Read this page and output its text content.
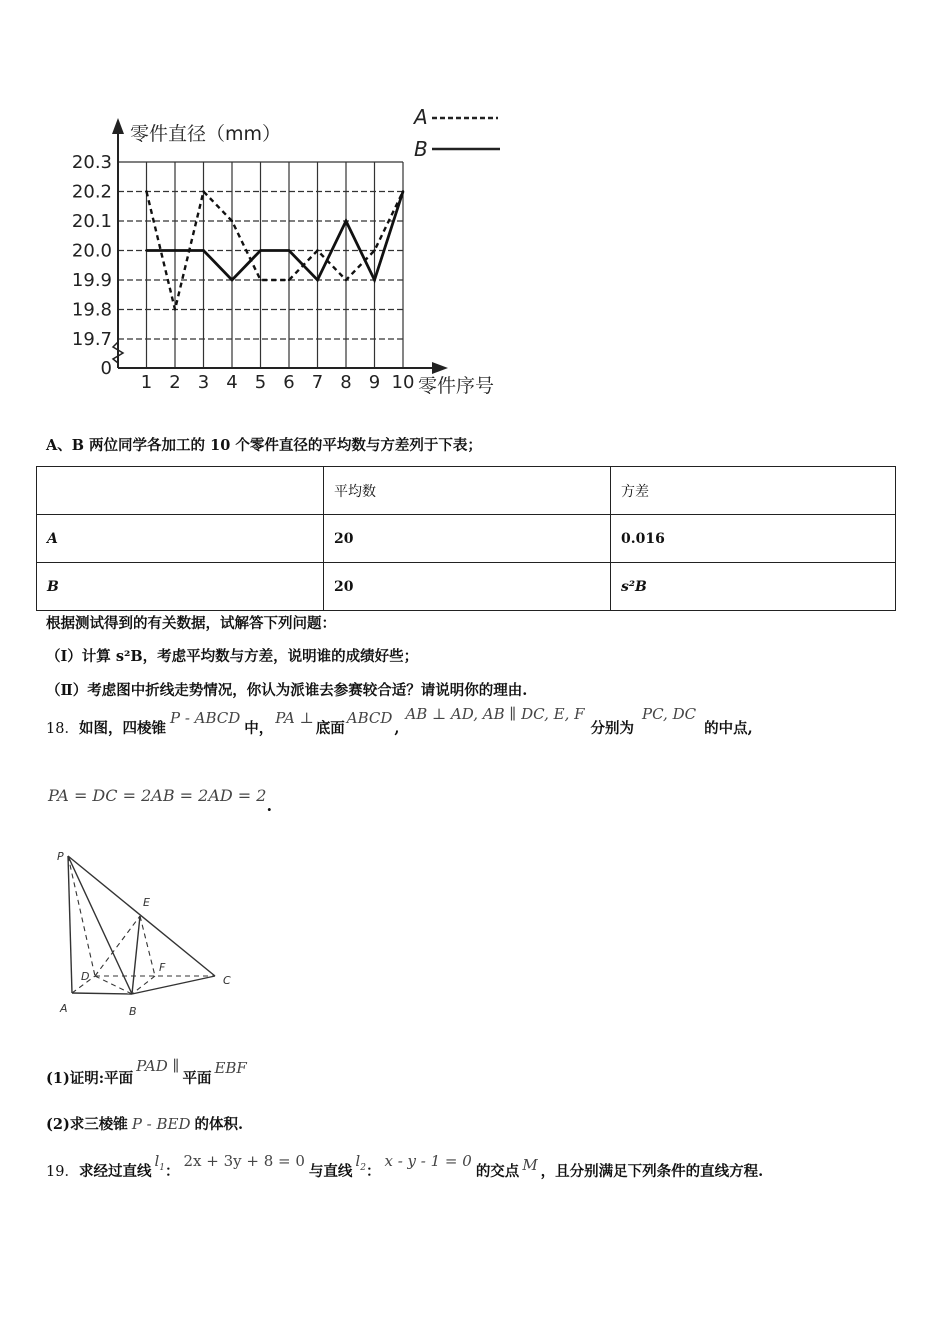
零件直径（mm）
零件序号
0
19.7
19.8
19.9
20.0
20.1
20.2
20.3
1 2 3 4 5 6 7 8 9 10
A
B
A、B 两位同学各加工的 10 个零件直径的平均数与方差列于下表；
	平均数	方差
A	20	0.016
B	20	s²B
根据测试得到的有关数据，试解答下列问题：
（Ⅰ）计算 s²B，考虑平均数与方差，说明谁的成绩好些；
（Ⅱ）考虑图中折线走势情况，你认为派谁去参赛较合适？请说明你的理由.
18．如图，四棱锥P - ABCD中，PA ⊥底面ABCD,AB ⊥ AD, AB ∥ DC, E, F分别为PC, DC的中点,
PA = DC = 2AB = 2AD = 2.
P
E
D
F
C
A	B
(1)证明:平面PAD ∥平面EBF
(2)求三棱锥 P - BED 的体积.
19．求经过直线$l_1$：2x + 3y + 8 = 0与直线$l_2$：x - y - 1 = 0的交点 M ，且分别满足下列条件的直线方程.
